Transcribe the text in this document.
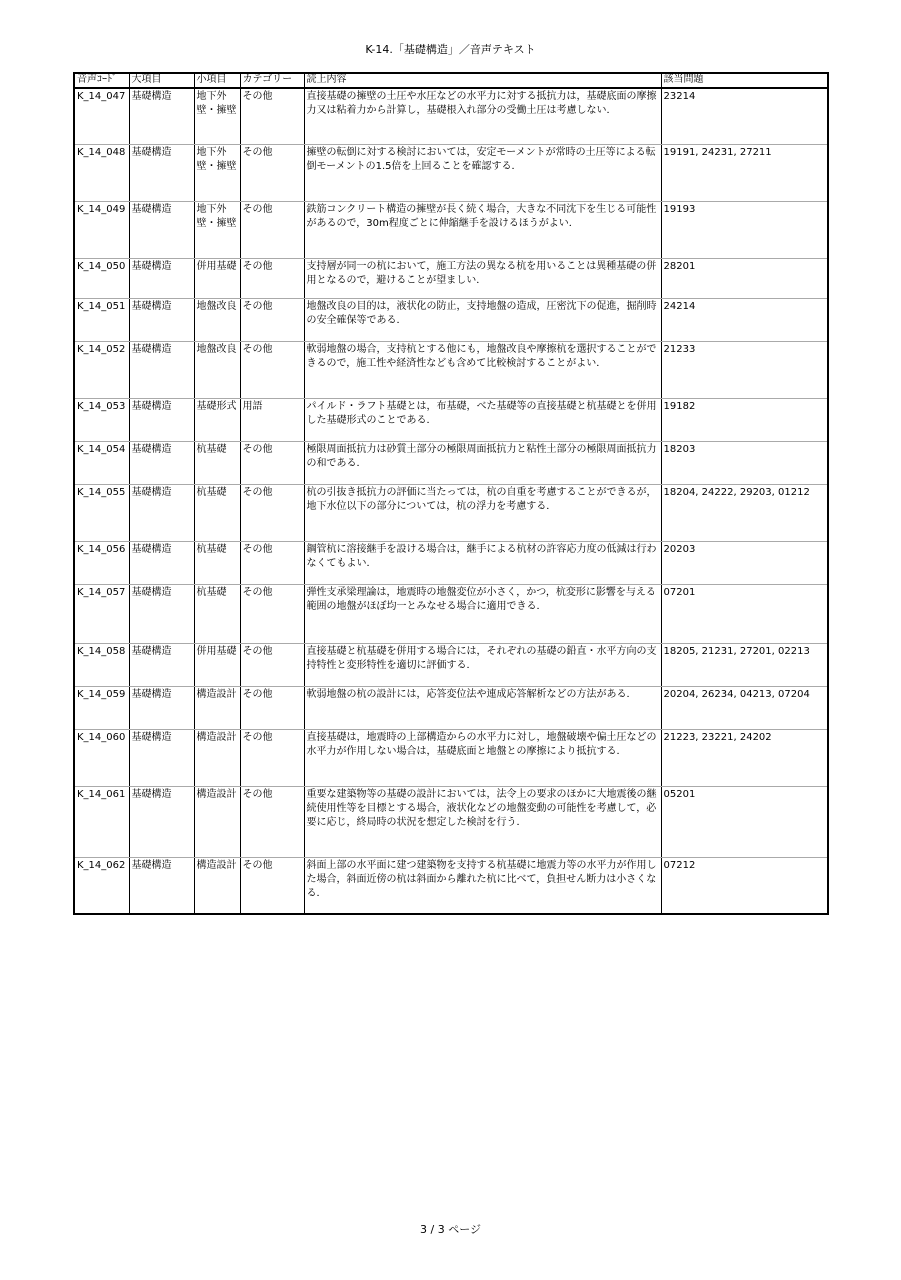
K-14.「基礎構造」／音声テキスト
音声ｺｰﾄﾞ	大項目	小項目	カテゴリー	読上内容	該当問題
K_14_047	基礎構造	地下外壁・擁壁	その他	直接基礎の擁壁の土圧や水圧などの水平力に対する抵抗力は，基礎底面の摩擦力又は粘着力から計算し，基礎根入れ部分の受働土圧は考慮しない．	23214
K_14_048	基礎構造	地下外壁・擁壁	その他	擁壁の転倒に対する検討においては，安定モーメントが常時の土圧等による転倒モーメントの1.5倍を上回ることを確認する．	19191, 24231, 27211
K_14_049	基礎構造	地下外壁・擁壁	その他	鉄筋コンクリート構造の擁壁が長く続く場合，大きな不同沈下を生じる可能性があるので，30m程度ごとに伸縮継手を設けるほうがよい．	19193
K_14_050	基礎構造	併用基礎	その他	支持層が同一の杭において，施工方法の異なる杭を用いることは異種基礎の併用となるので，避けることが望ましい．	28201
K_14_051	基礎構造	地盤改良	その他	地盤改良の目的は，液状化の防止，支持地盤の造成，圧密沈下の促進，掘削時の安全確保等である．	24214
K_14_052	基礎構造	地盤改良	その他	軟弱地盤の場合，支持杭とする他にも，地盤改良や摩擦杭を選択することができるので，施工性や経済性なども含めて比較検討することがよい．	21233
K_14_053	基礎構造	基礎形式	用語	パイルド・ラフト基礎とは，布基礎，べた基礎等の直接基礎と杭基礎とを併用した基礎形式のことである．	19182
K_14_054	基礎構造	杭基礎	その他	極限周面抵抗力は砂質土部分の極限周面抵抗力と粘性土部分の極限周面抵抗力の和である．	18203
K_14_055	基礎構造	杭基礎	その他	杭の引抜き抵抗力の評価に当たっては，杭の自重を考慮することができるが，地下水位以下の部分については，杭の浮力を考慮する．	18204, 24222, 29203, 01212
K_14_056	基礎構造	杭基礎	その他	鋼管杭に溶接継手を設ける場合は，継手による杭材の許容応力度の低減は行わなくてもよい．	20203
K_14_057	基礎構造	杭基礎	その他	弾性支承梁理論は，地震時の地盤変位が小さく，かつ，杭変形に影響を与える範囲の地盤がほぼ均一とみなせる場合に適用できる．	07201
K_14_058	基礎構造	併用基礎	その他	直接基礎と杭基礎を併用する場合には，それぞれの基礎の鉛直・水平方向の支持特性と変形特性を適切に評価する．	18205, 21231, 27201, 02213
K_14_059	基礎構造	構造設計	その他	軟弱地盤の杭の設計には，応答変位法や連成応答解析などの方法がある．	20204, 26234, 04213, 07204
K_14_060	基礎構造	構造設計	その他	直接基礎は，地震時の上部構造からの水平力に対し，地盤破壊や偏土圧などの水平力が作用しない場合は，基礎底面と地盤との摩擦により抵抗する．	21223, 23221, 24202
K_14_061	基礎構造	構造設計	その他	重要な建築物等の基礎の設計においては，法令上の要求のほかに大地震後の継続使用性等を目標とする場合，液状化などの地盤変動の可能性を考慮して，必要に応じ，終局時の状況を想定した検討を行う．	05201
K_14_062	基礎構造	構造設計	その他	斜面上部の水平面に建つ建築物を支持する杭基礎に地震力等の水平力が作用した場合，斜面近傍の杭は斜面から離れた杭に比べて，負担せん断力は小さくなる．	07212
3 / 3 ページ
